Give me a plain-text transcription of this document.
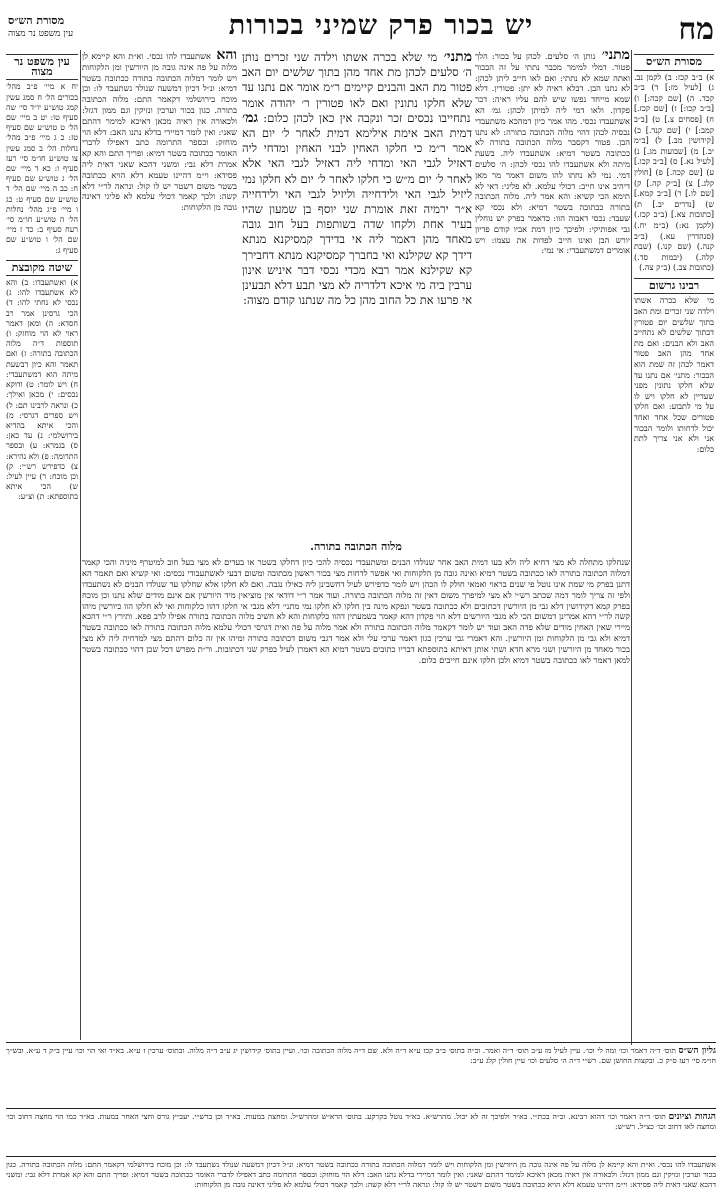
מח
יש בכור פרק שמיני בכורות
מסורת הש״ס
עין משפט נר מצוה
מסורת הש״ס
א) ב״ב קכז: ב) לקמן נב. ג) [לעיל מז:] ד) ב״ב קכד. ה) [שם קכה:] ו) [ב״ב קכו:] ז) [שם קכז.] ח) [פסחים צ.] ט) [ב״ב קמב:] י) [שם קנד.] כ) [קידושין מב.] ל) [ב״מ יב.] מ) [שבועות מג.] נ) [לעיל נא.] ס) [ב״ב קכו.] ע) [שם קכה.] פ) [חולין קלג.] צ) [ב״ק קה.] ק) [שם לו.] ר) [ב״ב קמא.] ש) [נדרים יב.] ת) [כתובות צא.] (ב״ב קכז.) (לקמן נא:) (ב״מ יח.) (סנהדרין עא.) (ב״ב קנה.) (שם קנו.) (שבת קלה.) (יבמות סד.) (כתובות צב.) (ב״ק צה.)
רבינו גרשום
מי שלא בכרה אשתו וילדה שני זכרים ומת האב בתוך שלשים יום פטורין דבתוך שלשים לא נתחייב האב ולא הבנים: ואם מת אחד מהן האב פטור דאמר לכהן זה שמת הוא הבכור: מתני׳ אם נתנו עד שלא חלקו נתונין מפני שעדיין לא חלקו ויש לו על מי לתבוע: ואם חלקו פטורים שכל אחד ואחד יכול לדחותו ולומר הבכור אני ולא אני צריך לתת כלום:
עין משפט נר מצוה
יח א מיי׳ פ״ב מהל׳ בכורים הל׳ ח סמג עשין קמג טוש״ע יו״ד סי׳ שה סעיף טו: יט ב מיי׳ שם הל׳ ט טוש״ע שם סעיף טז: כ ג מיי׳ פ״ב מהל׳ נחלות הל׳ ב סמג עשין צו טוש״ע חו״מ סי׳ רעז סעיף ו: כא ד מיי׳ שם הל׳ ג טוש״ע שם סעיף ח: כב ה מיי׳ שם הל׳ ד טוש״ע שם סעיף ט: כג ו מיי׳ פ״ג מהל׳ נחלות הל׳ ה טוש״ע חו״מ סי׳ רעח סעיף ב: כד ז מיי׳ שם הל׳ ו טוש״ע שם סעיף ג:
שיטה מקובצת
א) ואשתעבדו: ב) והא לא אשתעבדו להו: ג) נכסי לא נחתי להו: ד) הכי גרסינן אמר רב חסדא: ה) ומאן דאמר ראוי לא הוי מוחזק: ו) תוספות ד״ה מלוה הכתובה בתורה: ז) ואם תאמר והא כיון דבשעת מיתה הוא דמשתעבדי: ח) ויש לומר: ט) ודוקא נכסים: י) מכאן ואילך: כ) ונראה לרבינו תם: ל) ויש ספרים דגרסי: מ) והכי איתא בהדיא בירושלמי: נ) עד כאן: ס) בגמרא: ע) ובספר התרומה: פ) ולא נהירא: צ) כדפירש רש״י: ק) וכן מוכח: ר) עיין לעיל: ש) הכי איתא בתוספתא: ת) וצ״ע:
מתני׳ נותן ה׳ סלעים. לכהן על בכור: הלך פטור. דמלי למימר מכבר נתתי על זה הבכור ואתה שמא לא נתתי: ואם לאו חייב ליתן לכהן: לא נתנו הבן. דבלא ראיה לא יתן: פטורין. דלא שמא מייחד נפשו שיש להם עליו ראיה: דבר פקדון. ולאו דמי ליה למיתן לכהן: גמ׳ הא אשתעבדו נכסי. מהו אמר כיון דמהכא משתעבדי נכסיה לכהן דהוי מלוה הכתובה בתורה: לא נתנו הבן. פטור דקסבר מלוה הכתובה בתורה לא ככתובה בשטר דמיא: אשתעבדו ליה. בשעת מיתה ולא אשתעבדו להו נכסי לכהן: ה׳ סלעים דמי. נמי לא נחתו להו משום דאמר מר מאן דיהיב אינו חייב: דכולי עלמא. לא פליגי: דאי לא תימא הכי קשיא: והא אמר ליה. מלוה הכתובה בתורה ככתובה בשטר דמיא: ולא נכסי קא שעבד: נכסי דאבוה הוו: כדאמר בפרק יש נוחלין גבי אפותיקי: ולפיכך כיון דמת אביו קודם פדיון יורש הבן ואינו חייב לפדות את עצמו: ויש אומרים דמשתעבדי: אי נמי:
מתני׳ מי שלא בכרה אשתו וילדה שני זכרים נותן ה׳ סלעים לכהן מת אחד מהן בתוך שלשים יום האב פטור מת האב והבנים קיימים ר״מ אומר אם נתנו עד שלא חלקו נתונין ואם לאו פטורין ר׳ יהודה אומר נתחייבו נכסים זכר ונקבה אין כאן לכהן כלום: גמ׳ דמית האב אימת אילימא דמית לאחר ל׳ יום הא אמר ר״מ כי חלקו האחין לבני האחין ומדחי ליה דאזיל לגבי האי ומדחי ליה דאזיל לגבי האי אלא לאחר ל׳ יום מ״ש כי חלקו לאחר ל׳ יום לא חלקו נמי ליזיל לגבי האי ולידחייה וליזיל לגבי האי ולידחייה א״ר ירמיה זאת אומרת שני יוסף בן שמעון שהיו בעיר אחת ולקחו שדה בשותפות בעל חוב גובה מאחד מהן דאמר ליה אי בדידך קמסיקנא מנתא דידך קא שקילנא ואי בחברך קמסיקנא מנתא דחבירך קא שקילנא אמר רבא מכדי נכסי דבר איניש אינון ערבין ביה מי איכא דלדריה לא מצי תבע דלא תבעינן אי פרעו את כל החוב מהן כל מה שנתנו קודם מצוה:
והא אשתעבדו להו נכסי. וא״ת והא קיימא לן מלוה על פה אינה גובה מן היורשין ומן הלקוחות ויש לומר דמלוה הכתובה בתורה ככתובה בשטר דמיא: ונ״ל דכיון דמשעה שנולד נשתעבד לו: וכן מוכח בירושלמי דקאמר התם: מלוה הכתובה בתורה. כגון בכור וערכין ונזיקין וגם ממון דגזל: ולכאורה אין ראיה מכאן דאיכא למימר דהתם שאני: ואין לומר דמיירי בדלא נתנו האב: דלא הוי מוחזק: ובספר התרומה כתב דאפילו לדברי האומר ככתובה בשטר דמיא: ופריך התם והא קא אמרת דלא גבי: ומשני דהכא שאני דאית ליה פסידא: וי״מ דהיינו טעמא דלא הויא ככתובה בשטר משום דשטר יש לו קול: ונראה לר״י דלא קשה: ולכך קאמר דכולי עלמא לא פליגי דאינה גובה מן הלקוחות:
מלוה הכתובה בתורה.
שנחלקו מתחלה לא מצי דחיא ליה ולא בעו דמית האב אחר שנולדו הבנים ומשתעבדי נכסיה להכי כיון דחלקו בשטר או בעדים לא מצי בעל חוב למיטרף מיניה והכי קאמר דמלוה הכתובה בתורה לאו ככתובה בשטר דמיא ואינה גובה מן הלקוחות ואי אפשר לדחות מצי בכור ראשון מכתובה ומשום דבעי לאשתעבודי נכסים: ואי קשיא ואם תאמר הא דתנן בפרק מי שמת אינו נוטל פי שנים בראוי ואמאי חולק לו הכהן ויש לומר כדפירש לעיל דחשבינן ליה כאילו נגבה. ואם לא חלקו אלא שחלקו עד שנולדו הבנים לא נשתעבדו ולפי זה צריך לומר דמה שכתב רש״י לא מצי למיפרך משום דאין זה מלוה הכתובה בתורה. ועוד אמר ר״י דודאי אין מוציאין מיד היורשין אם אינם מודים שלא נתנו וכן מוכח בפרק קמא דקידושין דלא גבי מן היורשין דכתובים ולא ככתובה בשטר ונפקא מינה בין חלקו לא חלקו נמי מתני׳ דלא מגבי אי חלקו דהוו כלקוחות ואי לא חלקו הוו כיורשין מיהו קשה לר״י דהא אמרינן דמשום הכי לא מגבי היורשים דלא הוי פקדון דהא קאמר בשמעתין דהוו כלקוחות והא לא חשיב מלוה הכתובה בתורה אפילו לרב פפא. ותירץ ר״י דהכא מיירי שאין האחין מודים שלא פדה האב ועוד יש לומר דקאמר מלוה הכתובה בתורה ולא אמר מלוה על פה ואית דגרסי דכולי עלמא מלוה הכתובה בתורה לאו ככתובה בשטר דמיא ולא גבי מן הלקוחות ומן היורשין. והא דאמרי גבי ערכין כגון דאמר ערכי עלי ולא אמר דגבי משום דכתובה בתורה ומיהו אין זה כלום דהתם מצי למדחיה ליה לא מצי בכור מאחד מן היורשין ושני מרא חדא ושתי אותן דאיתא בתוספתא דבריו כתובים בשטר דמיא הא דאמרן לעיל בפרק שני דכתובות. ור״ת מפרש דכל שכן דהוי ככתובה בשטר למאן דאמר לאו ככתובה בשטר דמיא ולכן חלקו אינם חייבים כלום.
גליון הש״ס תוס׳ ד״ה דאמר וכו׳ ומה לי וכו׳. עיין לעיל מז ע״ב תוס׳ ד״ה ואמר. וכ״ה בתוס׳ ב״ב קכז ע״א ד״ה ולא. שם ד״ה מלוה הכתובה וכו׳. ועיין בתוס׳ קידושין יג ע״ב ד״ה מלוה. ובתוס׳ ערכין ז ע״א. בא״ד ואי הוי וכו׳ עיין ב״ק ד ע״א. ובש״ך חו״מ סי׳ רעז ס״ק כ. ובקצות החושן שם. רש״י ד״ה ה׳ סלעים וכו׳ עיין חולין קלג ע״ב:
הגהות וציונים תוס׳ ד״ה דאמר וכו׳ דהוא רבינא. וכ״ה בכת״י. בא״ד ולפיכך זה לא יכול. מהרש״א. בא״ד נוטל בקרקע. בתוס׳ הרא״ש ומהרש״ל. ומחצה במעות. בא״ד וכן ברש״י. יעב״ץ גורס וחצי האחר במעות. בא״ד כמו הוי מחצה דחוב וכו׳ ומחצה לאו דחוב וכו׳ כצ״ל. רש״ש:
אשתעבדו להו נכסי. וא״ת והא קיימא לן מלוה על פה אינה גובה מן היורשין ומן הלקוחות ויש לומר דמלוה הכתובה בתורה ככתובה בשטר דמיא: ונ״ל דכיון דמשעה שנולד נשתעבד לו: וכן מוכח בירושלמי דקאמר התם: מלוה הכתובה בתורה. כגון בכור וערכין ונזיקין וגם ממון דגזל: ולכאורה אין ראיה מכאן דאיכא למימר דהתם שאני: ואין לומר דמיירי בדלא נתנו האב: דלא הוי מוחזק: ובספר התרומה כתב דאפילו לדברי האומר ככתובה בשטר דמיא: ופריך התם והא קא אמרת דלא גבי: ומשני דהכא שאני דאית ליה פסידא: וי״מ דהיינו טעמא דלא הויא ככתובה בשטר משום דשטר יש לו קול: ונראה לר״י דלא קשה: ולכך קאמר דכולי עלמא לא פליגי דאינה גובה מן הלקוחות:
